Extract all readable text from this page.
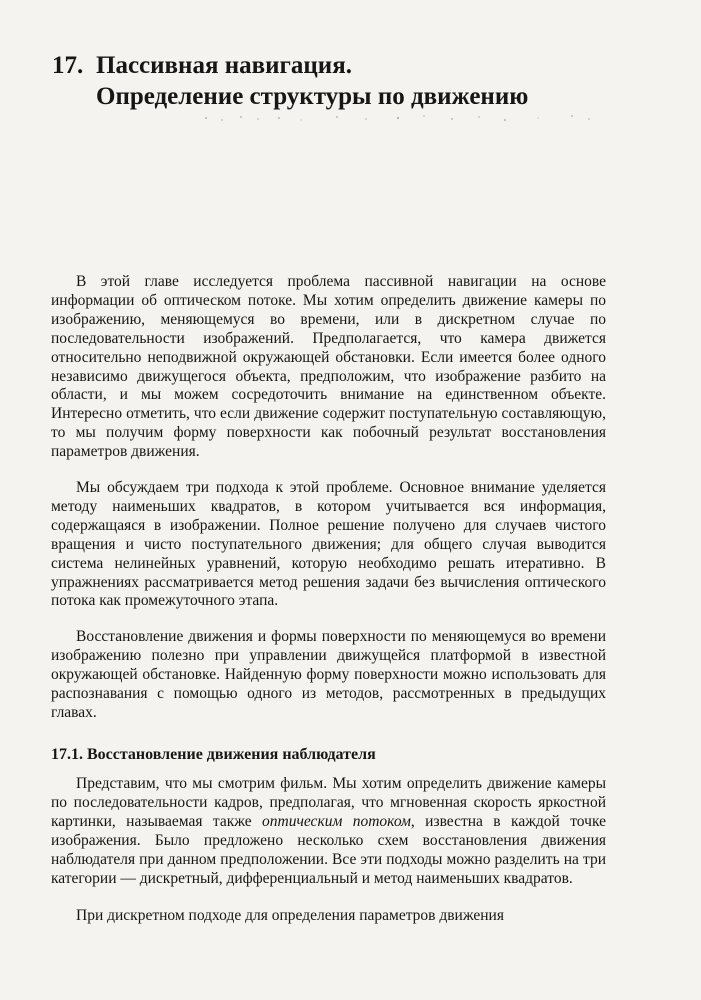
17. Пассивная навигация.
Определение структуры по движению

В этой главе исследуется проблема пассивной навигации на основе информации об оптическом потоке. Мы хотим определить движение камеры по изображению, меняющемуся во времени, или в дискретном случае по последовательности изображений. Предполагается, что камера движется относительно неподвижной окружающей обстановки. Если имеется более одного независимо движущегося объекта, предположим, что изображение разбито на области, и мы можем сосредоточить внимание на единственном объекте. Интересно отметить, что если движение содержит поступательную составляющую, то мы получим форму поверхности как побочный результат восстановления параметров движения.

Мы обсуждаем три подхода к этой проблеме. Основное внимание уделяется методу наименьших квадратов, в котором учитывается вся информация, содержащаяся в изображении. Полное решение получено для случаев чистого вращения и чисто поступательного движения; для общего случая выводится система нелинейных уравнений, которую необходимо решать итеративно. В упражнениях рассматривается метод решения задачи без вычисления оптического потока как промежуточного этапа.

Восстановление движения и формы поверхности по меняющемуся во времени изображению полезно при управлении движущейся платформой в известной окружающей обстановке. Найденную форму поверхности можно использовать для распознавания с помощью одного из методов, рассмотренных в предыдущих главах.

17.1. Восстановление движения наблюдателя

Представим, что мы смотрим фильм. Мы хотим определить движение камеры по последовательности кадров, предполагая, что мгновенная скорость яркостной картинки, называемая также оптическим потоком, известна в каждой точке изображения. Было предложено несколько схем восстановления движения наблюдателя при данном предположении. Все эти подходы можно разделить на три категории — дискретный, дифференциальный и метод наименьших квадратов.

При дискретном подходе для определения параметров движения
